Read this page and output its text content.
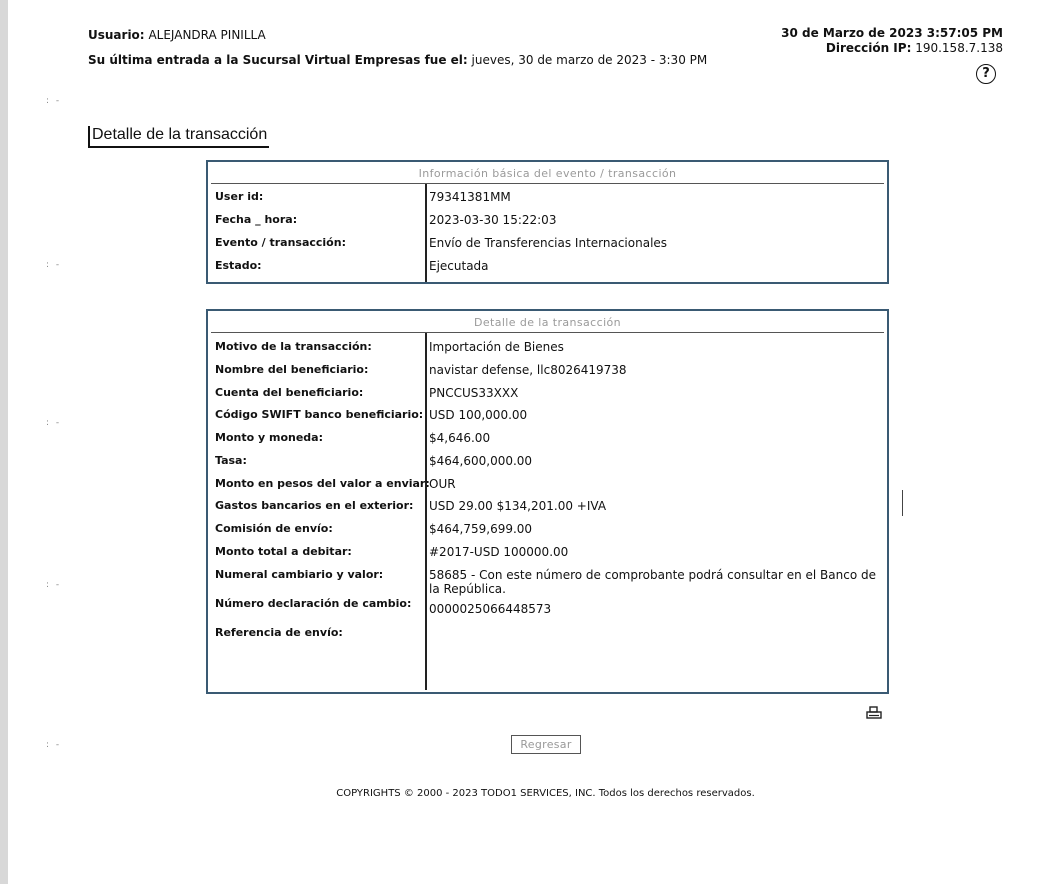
: -
: -
: -
: -
: -
Usuario: ALEJANDRA PINILLA
Su última entrada a la Sucursal Virtual Empresas fue el: jueves, 30 de marzo de 2023 - 3:30 PM
30 de Marzo de 2023 3:57:05 PM
Dirección IP: 190.158.7.138
?
Detalle de la transacción
Información básica del evento / transacción
User id:	79341381MM
Fecha _ hora:	2023-03-30 15:22:03
Evento / transacción:	Envío de Transferencias Internacionales
Estado:	Ejecutada
Detalle de la transacción
Motivo de la transacción:	Importación de Bienes
Nombre del beneficiario:	navistar defense, llc8026419738
Cuenta del beneficiario:	PNCCUS33XXX
Código SWIFT banco beneficiario: USD 100,000.00
Monto y moneda:	$4,646.00
Tasa:	$464,600,000.00
Monto en pesos del valor a enviar: OUR
Gastos bancarios en el exterior: USD 29.00 $134,201.00 +IVA
Comisión de envío:	$464,759,699.00
Monto total a debitar:	#2017-USD 100000.00
Numeral cambiario y valor:	58685 - Con este número de comprobante podrá consultar en el Banco de la República.
Número declaración de cambio: 0000025066448573
Referencia de envío:
Regresar
COPYRIGHTS © 2000 - 2023 TODO1 SERVICES, INC. Todos los derechos reservados.
